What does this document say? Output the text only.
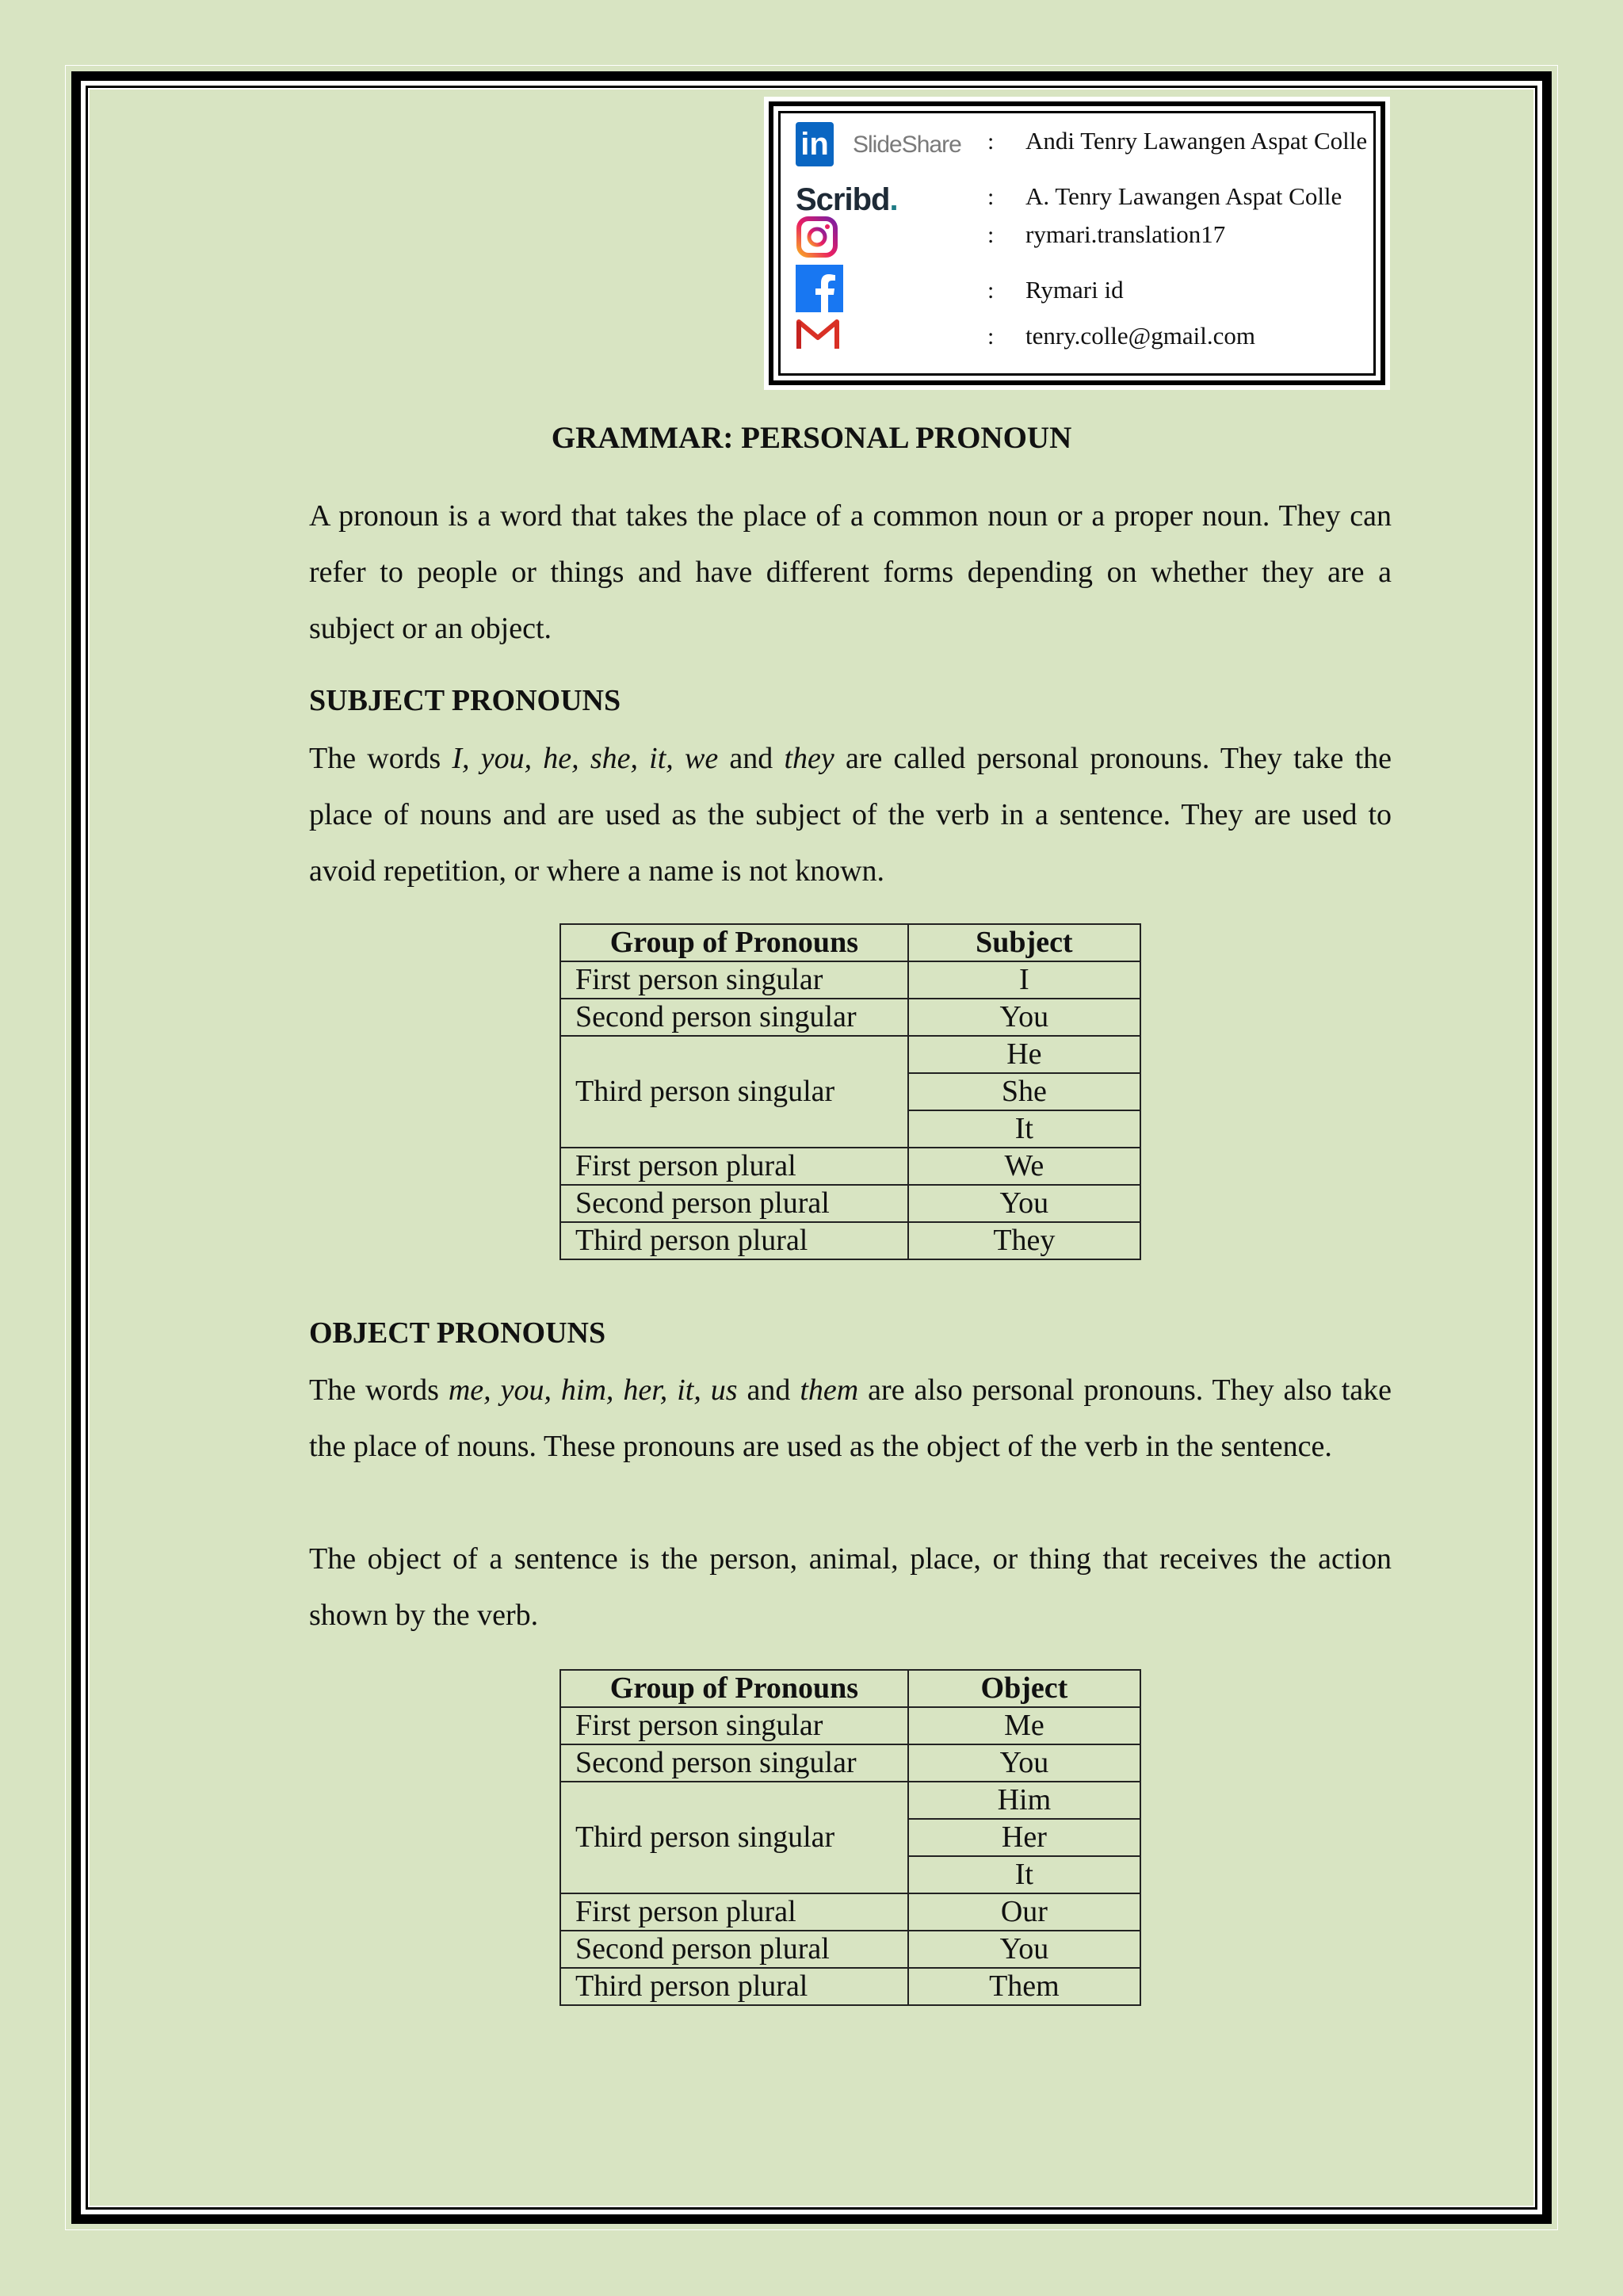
in SlideShare : Andi Tenry Lawangen Aspat Colle
Scribd.	: A. Tenry Lawangen Aspat Colle
: rymari.translation17
: Rymari id
: tenry.colle@gmail.com
GRAMMAR: PERSONAL PRONOUN
A pronoun is a word that takes the place of a common noun or a proper noun. They can refer to people or things and have different forms depending on whether they are a subject or an object.
SUBJECT PRONOUNS
The words I, you, he, she, it, we and they are called personal pronouns. They take the place of nouns and are used as the subject of the verb in a sentence. They are used to avoid repetition, or where a name is not known.
Group of Pronouns	Subject
First person singular	I
Second person singular	You
Third person singular	He
	She
	It
First person plural	We
Second person plural	You
Third person plural	They
OBJECT PRONOUNS
The words me, you, him, her, it, us and them are also personal pronouns. They also take the place of nouns. These pronouns are used as the object of the verb in the sentence.
The object of a sentence is the person, animal, place, or thing that receives the action shown by the verb.
Group of Pronouns	Object
First person singular	Me
Second person singular	You
Third person singular	Him
	Her
	It
First person plural	Our
Second person plural	You
Third person plural	Them
